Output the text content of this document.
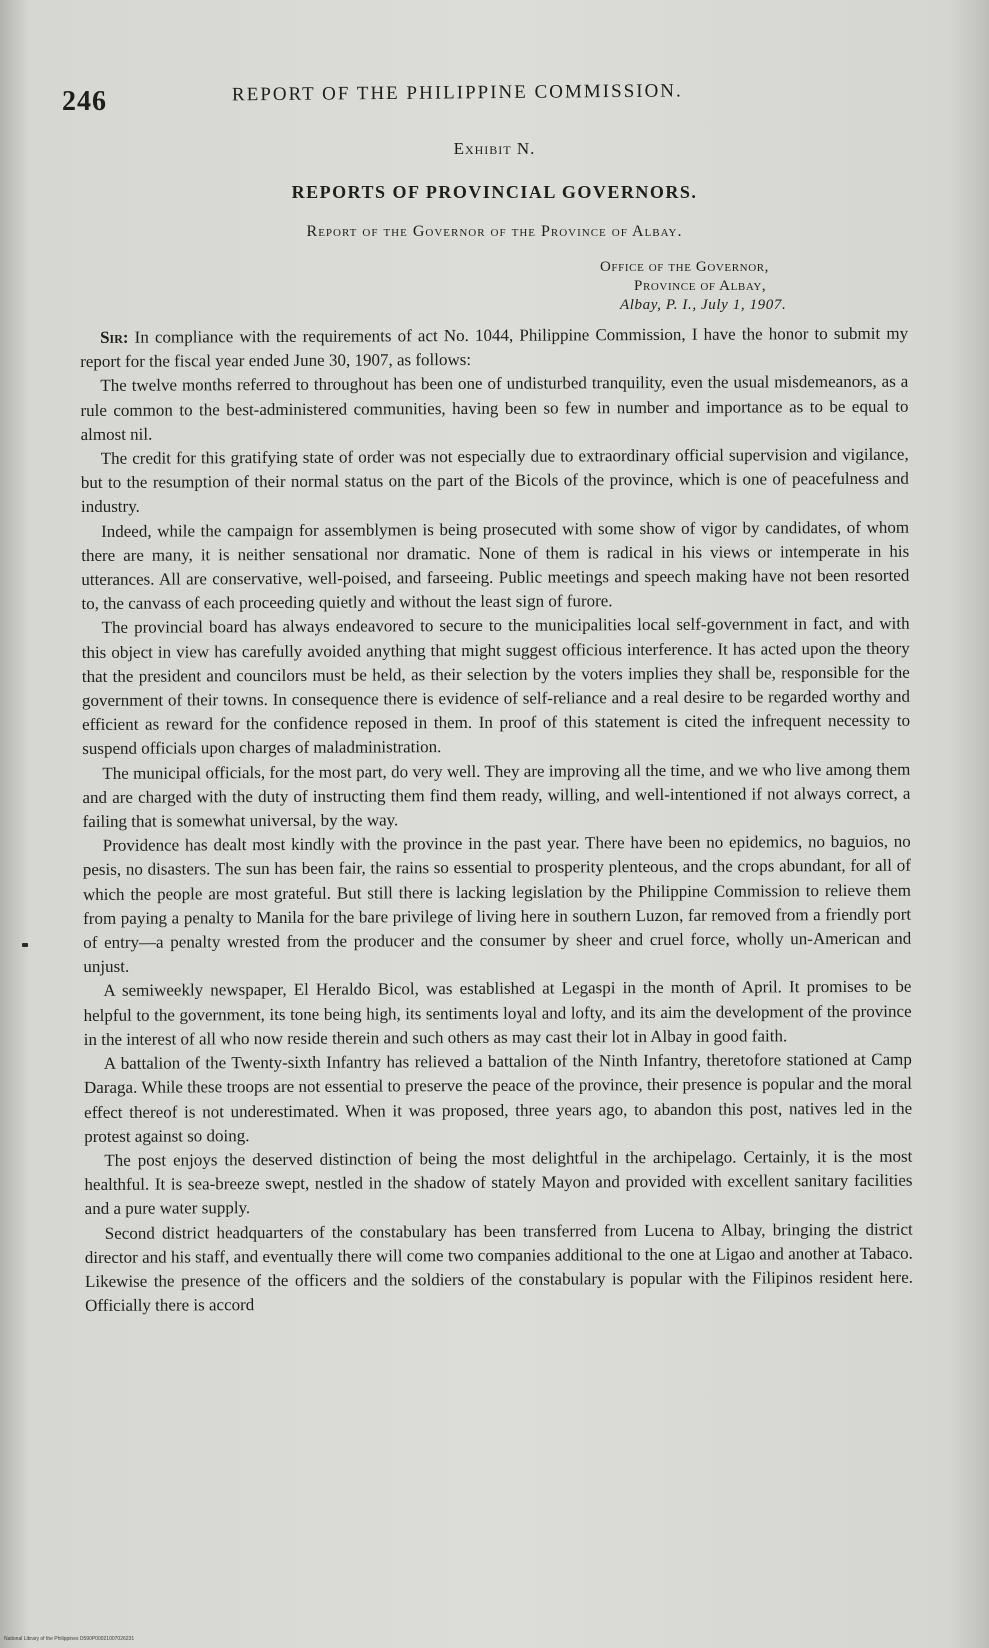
246	REPORT OF THE PHILIPPINE COMMISSION.
Exhibit N.
REPORTS OF PROVINCIAL GOVERNORS.
Report of the Governor of the Province of Albay.
Office of the Governor,
Province of Albay,
Albay, P. I., July 1, 1907.

Sir: In compliance with the requirements of act No. 1044, Philippine Commission, I have the honor to submit my report for the fiscal year ended June 30, 1907, as follows:

The twelve months referred to throughout has been one of undisturbed tranquility, even the usual misdemeanors, as a rule common to the best-administered communities, having been so few in number and importance as to be equal to almost nil.

The credit for this gratifying state of order was not especially due to extraordinary official supervision and vigilance, but to the resumption of their normal status on the part of the Bicols of the province, which is one of peacefulness and industry.

Indeed, while the campaign for assemblymen is being prosecuted with some show of vigor by candidates, of whom there are many, it is neither sensational nor dramatic. None of them is radical in his views or intemperate in his utterances. All are conservative, well-poised, and farseeing. Public meetings and speech making have not been resorted to, the canvass of each proceeding quietly and without the least sign of furore.

The provincial board has always endeavored to secure to the municipalities local self-government in fact, and with this object in view has carefully avoided anything that might suggest officious interference. It has acted upon the theory that the president and councilors must be held, as their selection by the voters implies they shall be, responsible for the government of their towns. In consequence there is evidence of self-reliance and a real desire to be regarded worthy and efficient as reward for the confidence reposed in them. In proof of this statement is cited the infrequent necessity to suspend officials upon charges of maladministration.

The municipal officials, for the most part, do very well. They are improving all the time, and we who live among them and are charged with the duty of instructing them find them ready, willing, and well-intentioned if not always correct, a failing that is somewhat universal, by the way.

Providence has dealt most kindly with the province in the past year. There have been no epidemics, no baguios, no pesis, no disasters. The sun has been fair, the rains so essential to prosperity plenteous, and the crops abundant, for all of which the people are most grateful. But still there is lacking legislation by the Philippine Commission to relieve them from paying a penalty to Manila for the bare privilege of living here in southern Luzon, far removed from a friendly port of entry—a penalty wrested from the producer and the consumer by sheer and cruel force, wholly un-American and unjust.

A semiweekly newspaper, El Heraldo Bicol, was established at Legaspi in the month of April. It promises to be helpful to the government, its tone being high, its sentiments loyal and lofty, and its aim the development of the province in the interest of all who now reside therein and such others as may cast their lot in Albay in good faith.

A battalion of the Twenty-sixth Infantry has relieved a battalion of the Ninth Infantry, theretofore stationed at Camp Daraga. While these troops are not essential to preserve the peace of the province, their presence is popular and the moral effect thereof is not underestimated. When it was proposed, three years ago, to abandon this post, natives led in the protest against so doing.

The post enjoys the deserved distinction of being the most delightful in the archipelago. Certainly, it is the most healthful. It is sea-breeze swept, nestled in the shadow of stately Mayon and provided with excellent sanitary facilities and a pure water supply.

Second district headquarters of the constabulary has been transferred from Lucena to Albay, bringing the district director and his staff, and eventually there will come two companies additional to the one at Ligao and another at Tabaco. Likewise the presence of the officers and the soldiers of the constabulary is popular with the Filipinos resident here. Officially there is accord

National Library of the Philippines D590P00021007026231
